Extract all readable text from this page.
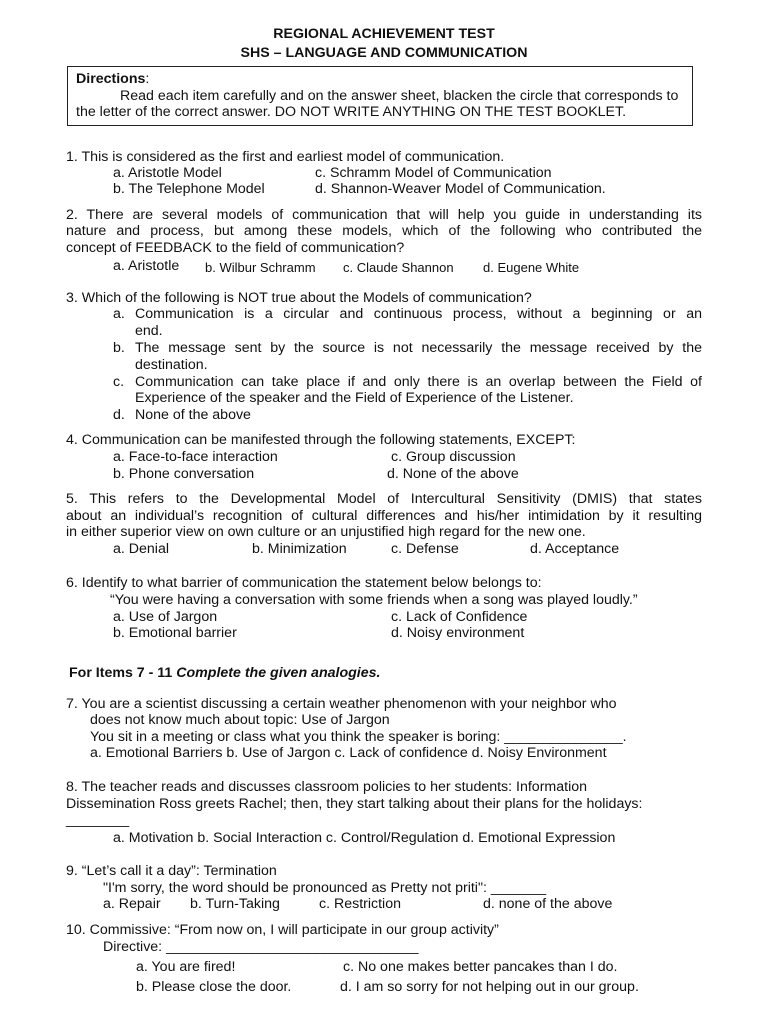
REGIONAL ACHIEVEMENT TEST
SHS – LANGUAGE AND COMMUNICATION
Directions:
Read each item carefully and on the answer sheet, blacken the circle that corresponds to
the letter of the correct answer. DO NOT WRITE ANYTHING ON THE TEST BOOKLET.
1. This is considered as the first and earliest model of communication.
a. Aristotle Model	c. Schramm Model of Communication
b. The Telephone Model	d. Shannon-Weaver Model of Communication.
2. There are several models of communication that will help you guide in understanding its
nature and process, but among these models, which of the following who contributed the
concept of FEEDBACK to the field of communication?
a. Aristotle b. Wilbur Schramm c. Claude Shannon d. Eugene White
3. Which of the following is NOT true about the Models of communication?
a. Communication is a circular and continuous process, without a beginning or an
end.
b. The message sent by the source is not necessarily the message received by the
destination.
c. Communication can take place if and only there is an overlap between the Field of
Experience of the speaker and the Field of Experience of the Listener.
d. None of the above
4. Communication can be manifested through the following statements, EXCEPT:
a. Face-to-face interaction	c. Group discussion
b. Phone conversation	d. None of the above
5. This refers to the Developmental Model of Intercultural Sensitivity (DMIS) that states
about an individual’s recognition of cultural differences and his/her intimidation by it resulting
in either superior view on own culture or an unjustified high regard for the new one.
a. Denial	b. Minimization	c. Defense	d. Acceptance
6. Identify to what barrier of communication the statement below belongs to:
“You were having a conversation with some friends when a song was played loudly.”
a. Use of Jargon	c. Lack of Confidence
b. Emotional barrier	d. Noisy environment
For Items 7 - 11 Complete the given analogies.
7. You are a scientist discussing a certain weather phenomenon with your neighbor who
does not know much about topic: Use of Jargon
You sit in a meeting or class what you think the speaker is boring: _______________.
a. Emotional Barriers b. Use of Jargon c. Lack of confidence d. Noisy Environment
8. The teacher reads and discusses classroom policies to her students: Information
Dissemination Ross greets Rachel; then, they start talking about their plans for the holidays:
________
a. Motivation b. Social Interaction c. Control/Regulation d. Emotional Expression
9. “Let’s call it a day”: Termination
"I'm sorry, the word should be pronounced as Pretty not priti": _______
a. Repair b. Turn-Taking	c. Restriction	d. none of the above
10. Commissive: “From now on, I will participate in our group activity”
Directive: ________________________________
a. You are fired!	c. No one makes better pancakes than I do.
b. Please close the door.	d. I am so sorry for not helping out in our group.
